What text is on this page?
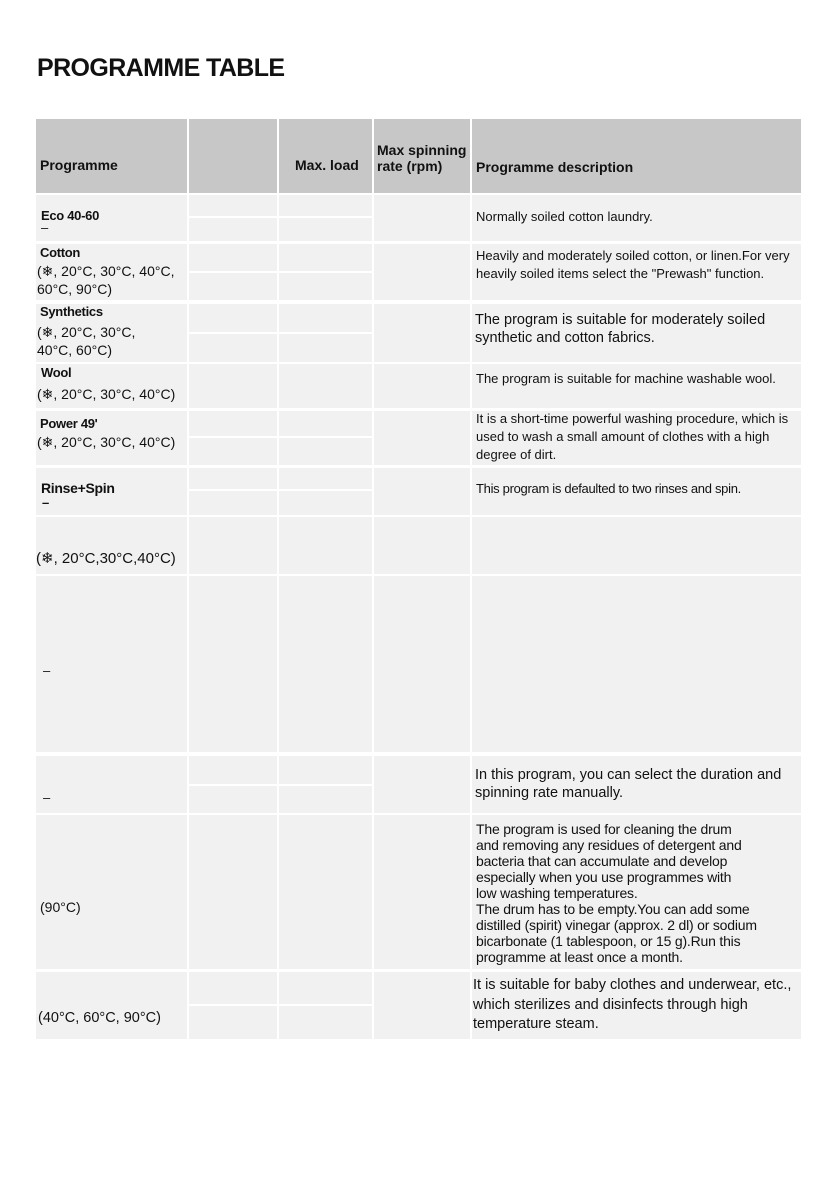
PROGRAMME TABLE
Programme	Max. load
Max spinning
rate (rpm)	Programme description
Eco 40-60
–
Normally soiled cotton laundry.
Cotton
(❄, 20°C, 30°C, 40°C,
60°C, 90°C)
Heavily and moderately soiled cotton, or linen.For very heavily soiled items select the "Prewash" function.
Synthetics
(❄, 20°C, 30°C,
40°C, 60°C)
The program is suitable for moderately soiled synthetic and cotton fabrics.
Wool
(❄, 20°C, 30°C, 40°C)
The program is suitable for machine washable wool.
Power 49'
(❄, 20°C, 30°C, 40°C)
It is a short-time powerful washing procedure, which is used to wash a small amount of clothes with a high degree of dirt.
Rinse+Spin
–
This program is defaulted to two rinses and spin.
(❄, 20°C,30°C,40°C)
–
–
In this program, you can select the duration and spinning rate manually.
(90°C)
The program is used for cleaning the drum
and removing any residues of detergent and
bacteria that can accumulate and develop
especially when you use programmes with
low washing temperatures.
The drum has to be empty.You can add some
distilled (spirit) vinegar (approx. 2 dl) or sodium
bicarbonate (1 tablespoon, or 15 g).Run this
programme at least once a month.
(40°C, 60°C, 90°C)
It is suitable for baby clothes and underwear, etc., which sterilizes and disinfects through high temperature steam.
